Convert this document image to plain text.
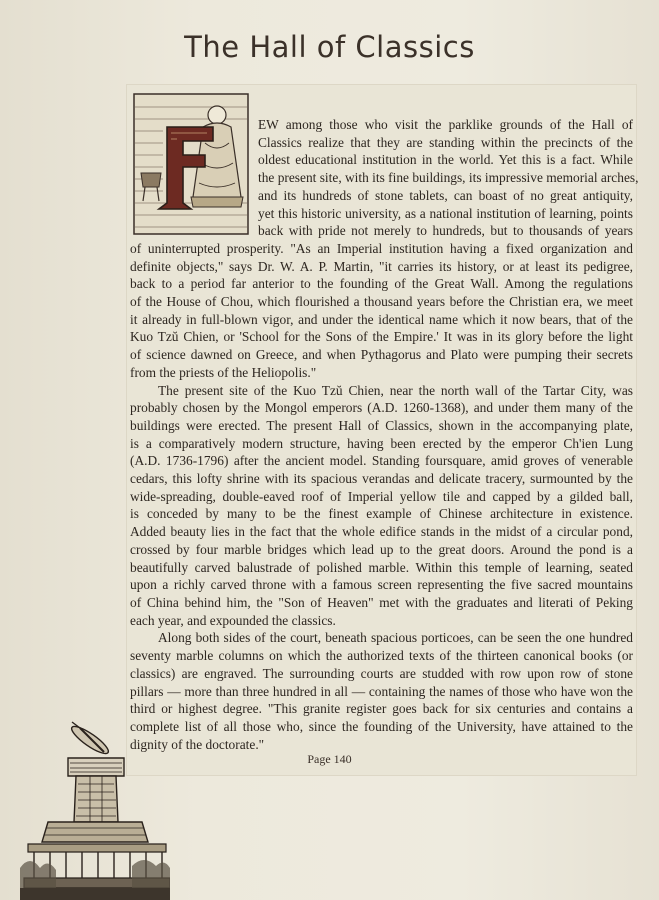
The Hall of Classics

EW among those who visit the parklike grounds of the Hall of
Classics realize that they are standing within the precincts of the
oldest educational institution in the world. Yet this is a fact. While
the present site, with its fine buildings, its impressive memorial arches,
and its hundreds of stone tablets, can boast of no great antiquity,
yet this historic university, as a national institution of learning, points
back with pride not merely to hundreds, but to thousands of years
of uninterrupted prosperity. "As an Imperial institution having a fixed organization and
definite objects," says Dr. W. A. P. Martin, "it carries its history, or at least its pedigree,
back to a period far anterior to the founding of the Great Wall. Among the regulations
of the House of Chou, which flourished a thousand years before the Christian era, we meet
it already in full-blown vigor, and under the identical name which it now bears, that of the
Kuo Tzŭ Chien, or 'School for the Sons of the Empire.' It was in its glory before the light
of science dawned on Greece, and when Pythagorus and Plato were pumping their secrets
from the priests of the Heliopolis."

The present site of the Kuo Tzŭ Chien, near the north wall of the Tartar City, was
probably chosen by the Mongol emperors (A.D. 1260-1368), and under them many of the
buildings were erected. The present Hall of Classics, shown in the accompanying plate,
is a comparatively modern structure, having been erected by the emperor Ch'ien Lung
(A.D. 1736-1796) after the ancient model. Standing foursquare, amid groves of venerable
cedars, this lofty shrine with its spacious verandas and delicate tracery, surmounted by the
wide-spreading, double-eaved roof of Imperial yellow tile and capped by a gilded ball,
is conceded by many to be the finest example of Chinese architecture in existence.
Added beauty lies in the fact that the whole edifice stands in the midst of a circular pond,
crossed by four marble bridges which lead up to the great doors. Around the pond is a
beautifully carved balustrade of polished marble. Within this temple of learning, seated
upon a richly carved throne with a famous screen representing the five sacred mountains
of China behind him, the "Son of Heaven" met with the graduates and literati of Peking
each year, and expounded the classics.

Along both sides of the court, beneath spacious porticoes, can be seen the one hundred
seventy marble columns on which the authorized texts of the thirteen canonical books (or
classics) are engraved. The surrounding courts are studded with row upon row of stone
pillars — more than three hundred in all — containing the names of those who have won the
third or highest degree. "This granite register goes back for six centuries and contains a
complete list of all those who, since the founding of the University, have attained to the
dignity of the doctorate."

Page 140
